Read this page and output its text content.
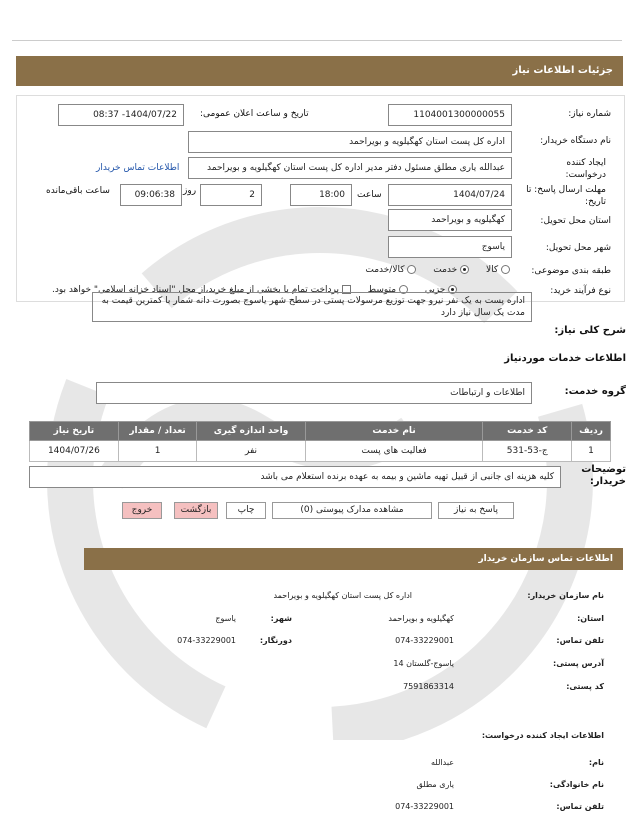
جزئیات اطلاعات نیاز
شماره نیاز:
1104001300000055
تاریخ و ساعت اعلان عمومی:
1404/07/22- 08:37
نام دستگاه خریدار:
اداره کل پست استان کهگیلویه و بویراحمد
ایجاد کننده درخواست:
عبدالله یاری مطلق مسئول دفتر مدیر اداره کل پست استان کهگیلویه و بویراحمد
اطلاعات تماس خریدار
مهلت ارسال پاسخ: تا تاریخ:
1404/07/24
ساعت
18:00
2
روز
09:06:38
ساعت باقی‌مانده
استان محل تحویل:
کهگیلویه و بویراحمد
شهر محل تحویل:
یاسوج
طبقه بندی موضوعی:
کالا  خدمت  کالا/خدمت
نوع فرآیند خرید:
جزیی  متوسط  پرداخت تمام یا بخشی از مبلغ خرید،از محل "اسناد خزانه اسلامی" خواهد بود.
شرح کلی نیاز:
اداره پست به یک نفر نیرو جهت توزیع مرسولات پستی در سطح شهر یاسوج بصورت دانه شمار با کمترین قیمت به مدت یک سال نیاز دارد
اطلاعات خدمات موردنیاز
گروه خدمت:
اطلاعات و ارتباطات
ردیف	کد خدمت	نام خدمت	واحد اندازه گیری	تعداد / مقدار	تاریخ نیاز
1	ج-53-531	فعالیت های پست	نفر	1	1404/07/26
توضیحات خریدار:
کلیه هزینه ای جانبی از قبیل تهیه ماشین و بیمه به عهده برنده استعلام می باشد
پاسخ به نیاز
مشاهده مدارک پیوستی (0)
چاپ
بازگشت
خروج
اطلاعات تماس سازمان خریدار
نام سازمان خریدار:
اداره کل پست استان کهگیلویه و بویراحمد
استان:
کهگیلویه و بویراحمد
شهر:
یاسوج
تلفن تماس:
074-33229001
دورنگار:
074-33229001
آدرس پستی:
یاسوج-گلستان 14
کد پستی:
7591863314
اطلاعات ایجاد کننده درخواست:
نام:
عبدالله
نام خانوادگی:
یاری مطلق
تلفن تماس:
074-33229001
